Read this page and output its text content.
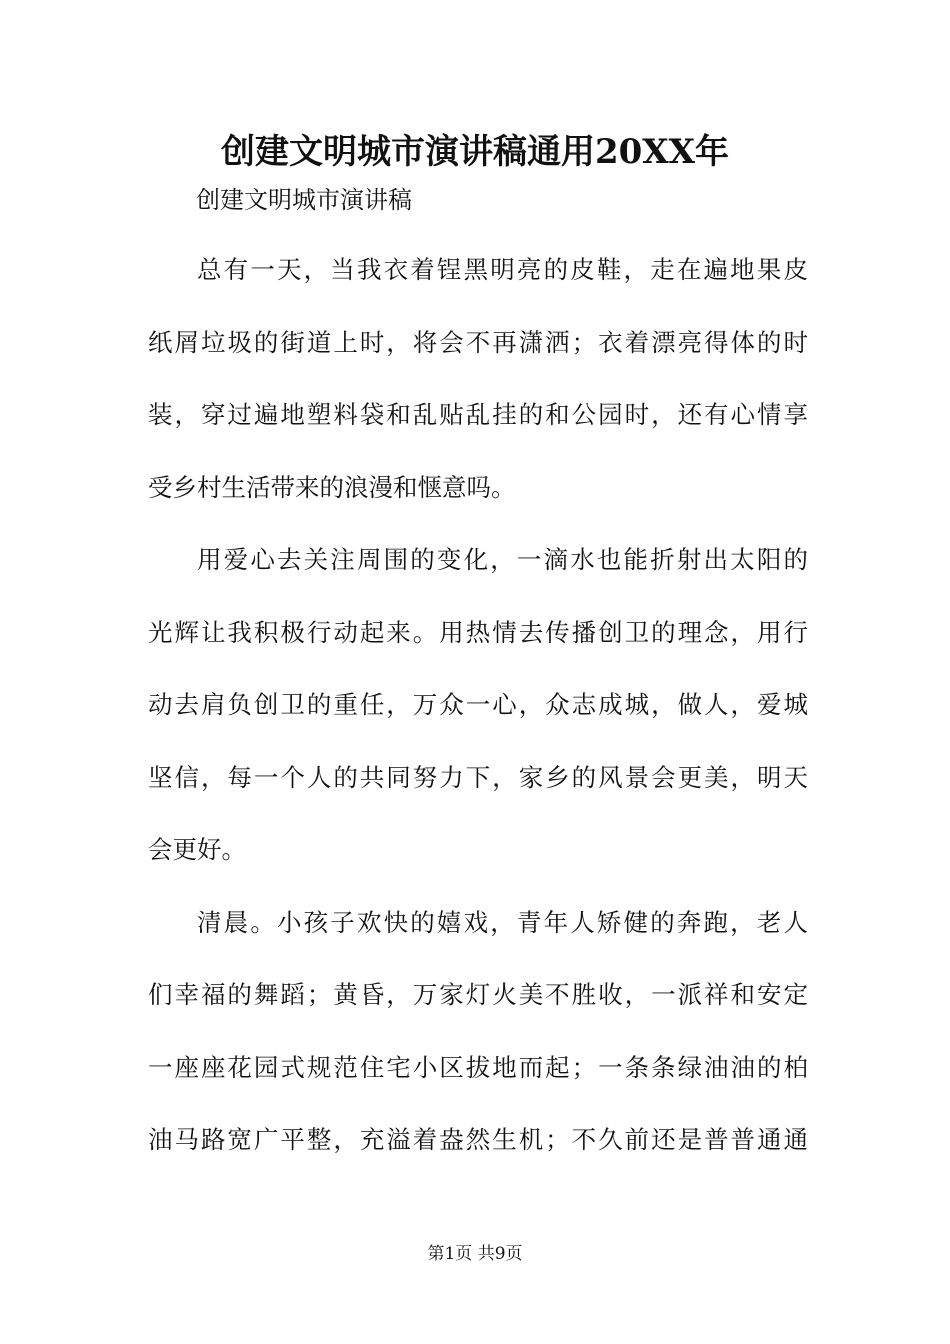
创建文明城市演讲稿通用20XX年
创建文明城市演讲稿
总有一天，当我衣着锃黑明亮的皮鞋，走在遍地果皮
纸屑垃圾的街道上时，将会不再潇洒；衣着漂亮得体的时
装，穿过遍地塑料袋和乱贴乱挂的和公园时，还有心情享
受乡村生活带来的浪漫和惬意吗。
用爱心去关注周围的变化，一滴水也能折射出太阳的
光辉让我积极行动起来。用热情去传播创卫的理念，用行
动去肩负创卫的重任，万众一心，众志成城，做人，爱城
坚信，每一个人的共同努力下，家乡的风景会更美，明天
会更好。
清晨。小孩子欢快的嬉戏，青年人矫健的奔跑，老人
们幸福的舞蹈；黄昏，万家灯火美不胜收，一派祥和安定
一座座花园式规范住宅小区拔地而起；一条条绿油油的柏
油马路宽广平整，充溢着盎然生机；不久前还是普普通通
第1页 共9页
